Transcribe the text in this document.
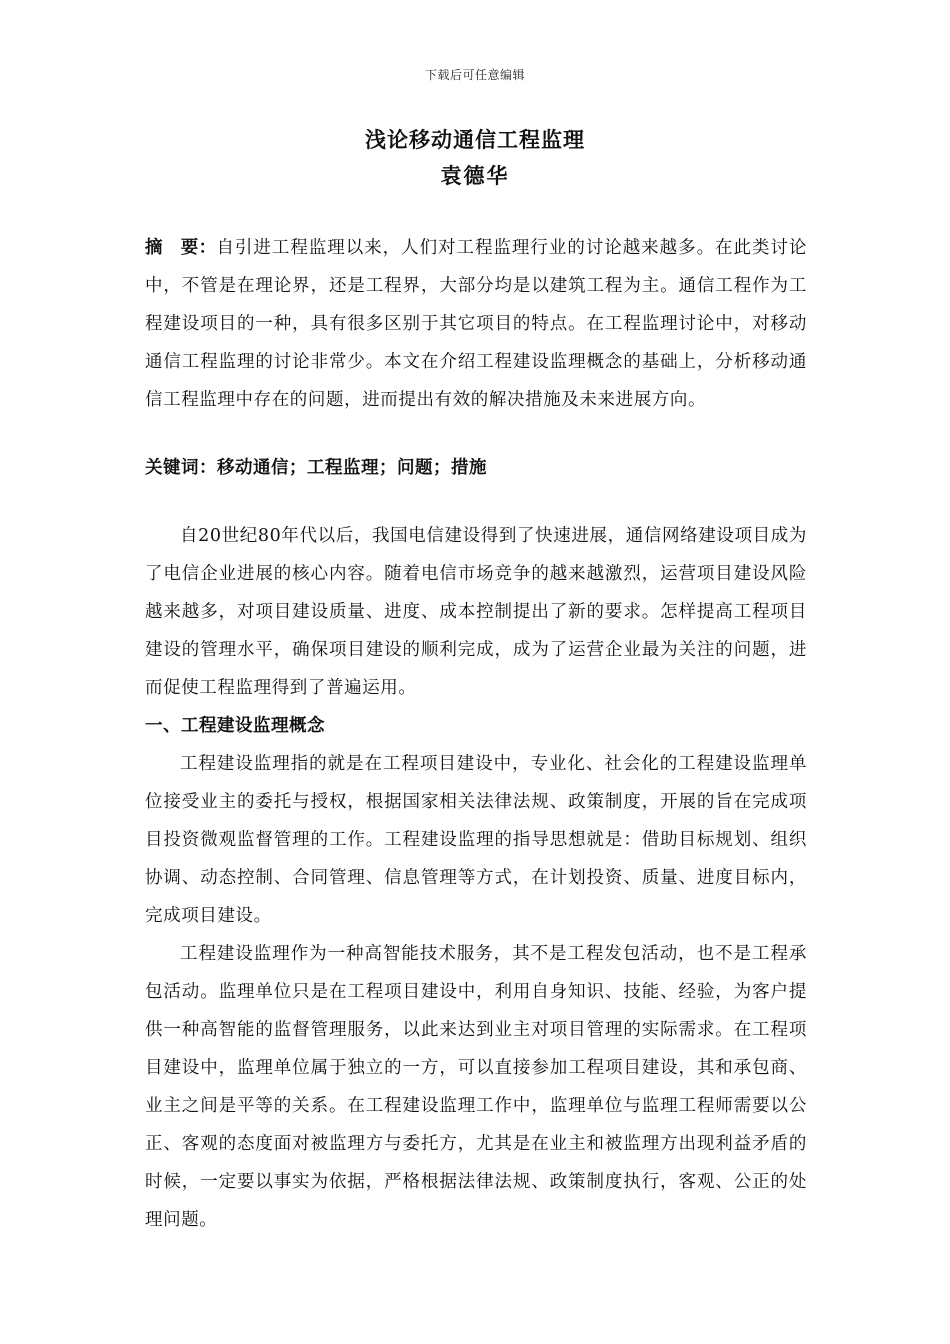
下载后可任意编辑
浅论移动通信工程监理
袁德华
摘　要：自引进工程监理以来，人们对工程监理行业的讨论越来越多。在此类讨论中，不管是在理论界，还是工程界，大部分均是以建筑工程为主。通信工程作为工程建设项目的一种，具有很多区别于其它项目的特点。在工程监理讨论中，对移动通信工程监理的讨论非常少。本文在介绍工程建设监理概念的基础上，分析移动通信工程监理中存在的问题，进而提出有效的解决措施及未来进展方向。
关键词：移动通信；工程监理；问题；措施

自20世纪80年代以后，我国电信建设得到了快速进展，通信网络建设项目成为了电信企业进展的核心内容。随着电信市场竞争的越来越激烈，运营项目建设风险越来越多，对项目建设质量、进度、成本控制提出了新的要求。怎样提高工程项目建设的管理水平，确保项目建设的顺利完成，成为了运营企业最为关注的问题，进而促使工程监理得到了普遍运用。

一、工程建设监理概念

工程建设监理指的就是在工程项目建设中，专业化、社会化的工程建设监理单位接受业主的委托与授权，根据国家相关法律法规、政策制度，开展的旨在完成项目投资微观监督管理的工作。工程建设监理的指导思想就是：借助目标规划、组织协调、动态控制、合同管理、信息管理等方式，在计划投资、质量、进度目标内，完成项目建设。

工程建设监理作为一种高智能技术服务，其不是工程发包活动，也不是工程承包活动。监理单位只是在工程项目建设中，利用自身知识、技能、经验，为客户提供一种高智能的监督管理服务，以此来达到业主对项目管理的实际需求。在工程项目建设中，监理单位属于独立的一方，可以直接参加工程项目建设，其和承包商、业主之间是平等的关系。在工程建设监理工作中，监理单位与监理工程师需要以公正、客观的态度面对被监理方与委托方，尤其是在业主和被监理方出现利益矛盾的时候，一定要以事实为依据，严格根据法律法规、政策制度执行，客观、公正的处理问题。
